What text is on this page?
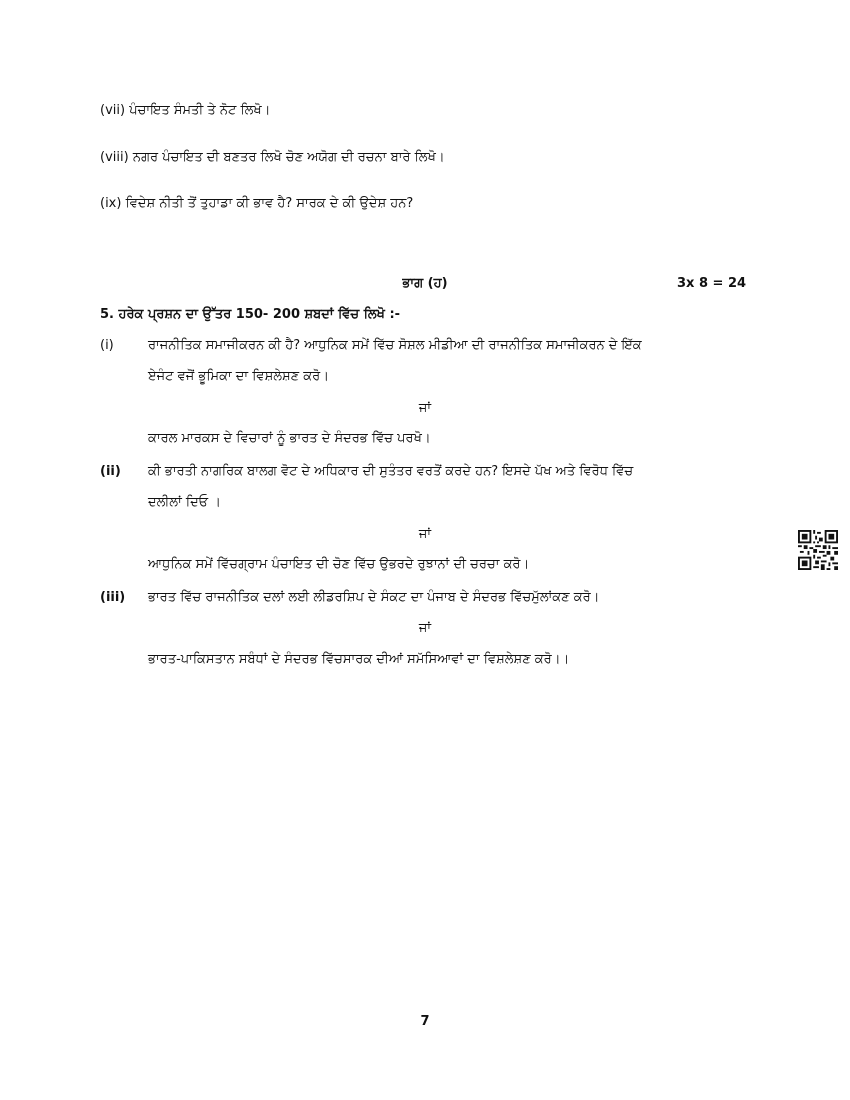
(vii) ਪੰਚਾਇਤ ਸੰਮਤੀ ਤੇ ਨੋਟ ਲਿਖੋ।
(viii) ਨਗਰ ਪੰਚਾਇਤ ਦੀ ਬਣਤਰ ਲਿਖੋ ਚੋਣ ਅਯੋਗ ਦੀ ਰਚਨਾ ਬਾਰੇ ਲਿਖੋ।
(ix) ਵਿਦੇਸ਼ ਨੀਤੀ ਤੋਂ ਤੁਹਾਡਾ ਕੀ ਭਾਵ ਹੈ? ਸਾਰਕ ਦੇ ਕੀ ਉਦੇਸ਼ ਹਨ?
ਭਾਗ (ਹ)	3x 8 = 24
5. ਹਰੇਕ ਪ੍ਰਸ਼ਨ ਦਾ ਉੱਤਰ 150- 200 ਸ਼ਬਦਾਂ ਵਿੱਚ ਲਿਖੋ :-
(i)	ਰਾਜਨੀਤਿਕ ਸਮਾਜੀਕਰਨ ਕੀ ਹੈ? ਆਧੁਨਿਕ ਸਮੇਂ ਵਿੱਚ ਸੋਸ਼ਲ ਮੀਡੀਆ ਦੀ ਰਾਜਨੀਤਿਕ ਸਮਾਜੀਕਰਨ ਦੇ ਇੱਕ
ਏਜੰਟ ਵਜੋਂ ਭੂਮਿਕਾ ਦਾ ਵਿਸ਼ਲੇਸ਼ਣ ਕਰੋ।
ਜਾਂ
ਕਾਰਲ ਮਾਰਕਸ ਦੇ ਵਿਚਾਰਾਂ ਨੂੰ ਭਾਰਤ ਦੇ ਸੰਦਰਭ ਵਿੱਚ ਪਰਖੋ।
(ii) ਕੀ ਭਾਰਤੀ ਨਾਗਰਿਕ ਬਾਲਗ ਵੋਟ ਦੇ ਅਧਿਕਾਰ ਦੀ ਸੁਤੰਤਰ ਵਰਤੋਂ ਕਰਦੇ ਹਨ? ਇਸਦੇ ਪੱਖ ਅਤੇ ਵਿਰੋਧ ਵਿੱਚ
ਦਲੀਲਾਂ ਦਿਓ ।
ਜਾਂ
ਆਧੁਨਿਕ ਸਮੇਂ ਵਿੱਚਗ੍ਰਾਮ ਪੰਚਾਇਤ ਦੀ ਚੋਣ ਵਿੱਚ ਉਭਰਦੇ ਰੁਝਾਨਾਂ ਦੀ ਚਰਚਾ ਕਰੋ।
(iii) ਭਾਰਤ ਵਿੱਚ ਰਾਜਨੀਤਿਕ ਦਲਾਂ ਲਈ ਲੀਡਰਸ਼ਿਪ ਦੇ ਸੰਕਟ ਦਾ ਪੰਜਾਬ ਦੇ ਸੰਦਰਭ ਵਿੱਚਮੁੱਲਾਂਕਣ ਕਰੋ।
ਜਾਂ
ਭਾਰਤ-ਪਾਕਿਸਤਾਨ ਸਬੰਧਾਂ ਦੇ ਸੰਦਰਭ ਵਿੱਚਸਾਰਕ ਦੀਆਂ ਸਮੱਸਿਆਵਾਂ ਦਾ ਵਿਸ਼ਲੇਸ਼ਣ ਕਰੋ।।
7
